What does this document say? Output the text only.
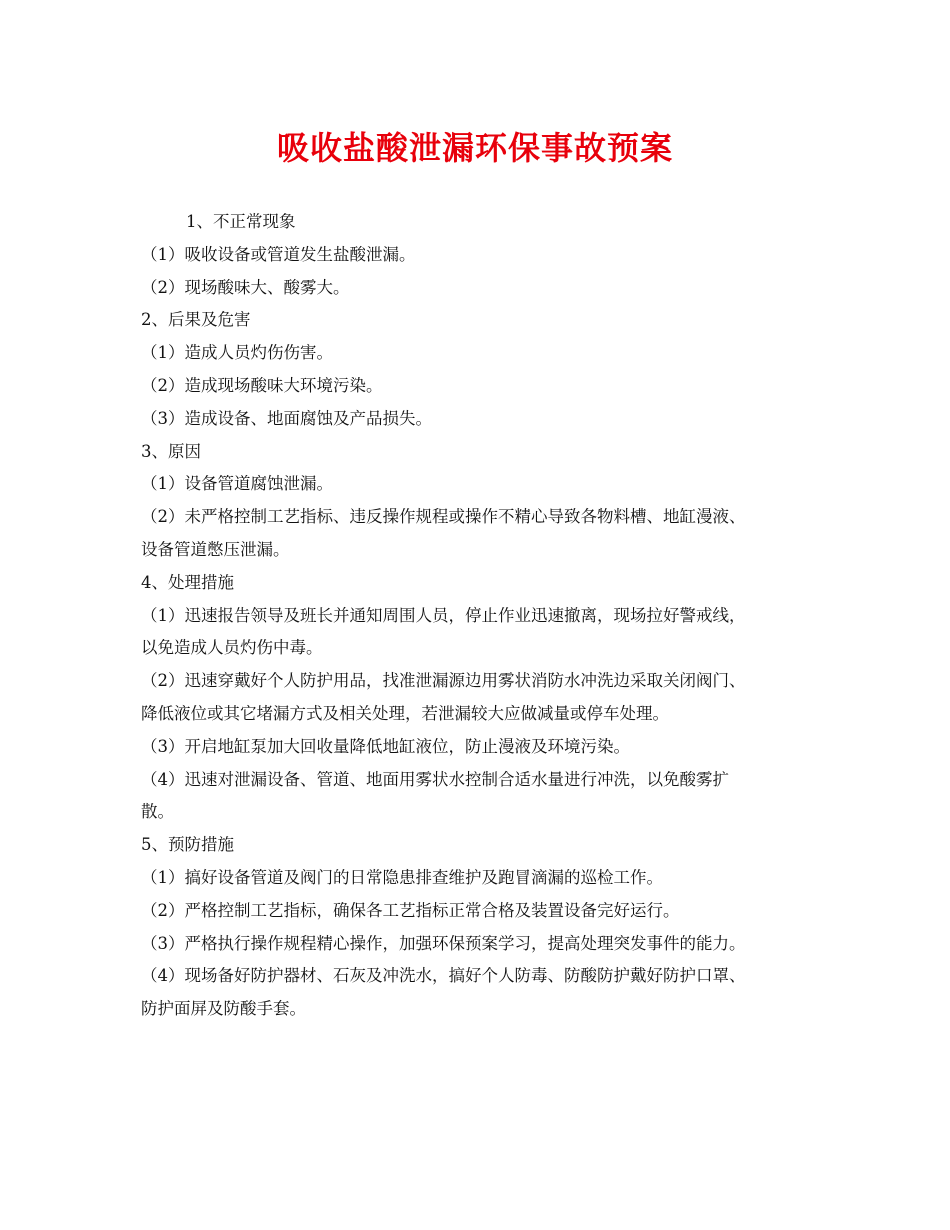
吸收盐酸泄漏环保事故预案

1、不正常现象

（1）吸收设备或管道发生盐酸泄漏。

（2）现场酸味大、酸雾大。

2、后果及危害

（1）造成人员灼伤伤害。

（2）造成现场酸味大环境污染。

（3）造成设备、地面腐蚀及产品损失。

3、原因

（1）设备管道腐蚀泄漏。

（2）未严格控制工艺指标、违反操作规程或操作不精心导致各物料槽、地缸漫液、

设备管道憋压泄漏。

4、处理措施

（1）迅速报告领导及班长并通知周围人员，停止作业迅速撤离，现场拉好警戒线，

以免造成人员灼伤中毒。

（2）迅速穿戴好个人防护用品，找准泄漏源边用雾状消防水冲洗边采取关闭阀门、

降低液位或其它堵漏方式及相关处理，若泄漏较大应做减量或停车处理。

（3）开启地缸泵加大回收量降低地缸液位，防止漫液及环境污染。

（4）迅速对泄漏设备、管道、地面用雾状水控制合适水量进行冲洗，以免酸雾扩

散。

5、预防措施

（1）搞好设备管道及阀门的日常隐患排查维护及跑冒滴漏的巡检工作。

（2）严格控制工艺指标，确保各工艺指标正常合格及装置设备完好运行。

（3）严格执行操作规程精心操作，加强环保预案学习，提高处理突发事件的能力。

（4）现场备好防护器材、石灰及冲洗水，搞好个人防毒、防酸防护戴好防护口罩、

防护面屏及防酸手套。
